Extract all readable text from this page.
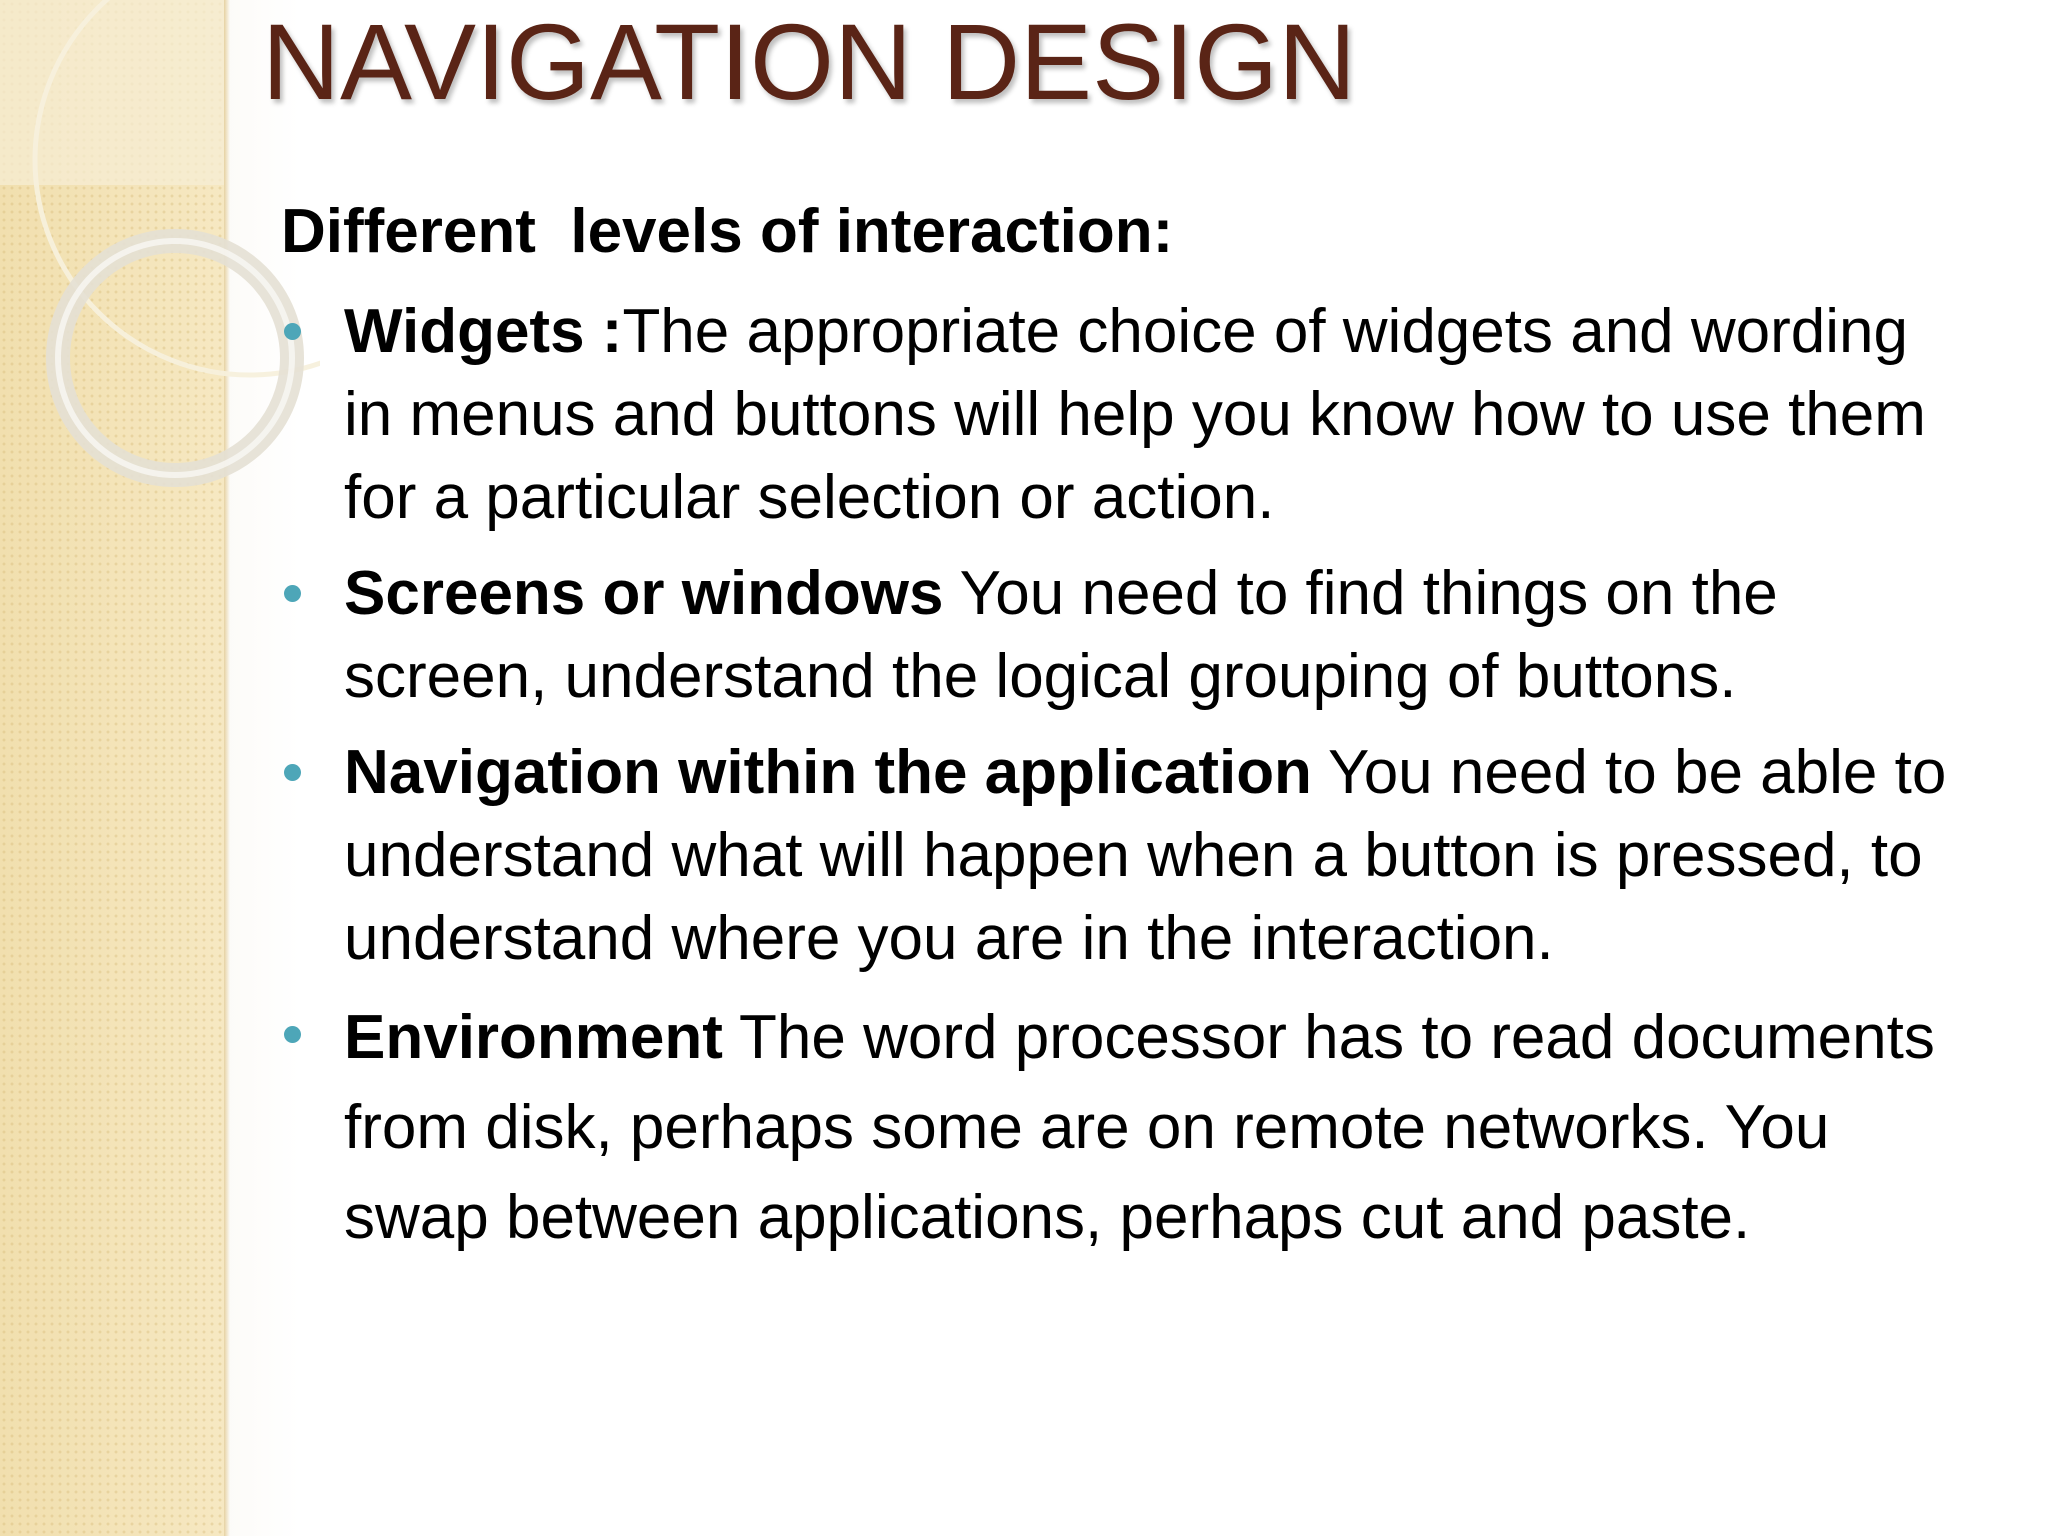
NAVIGATION DESIGN

Different  levels of interaction:

Widgets :The appropriate choice of widgets and wording in menus and buttons will help you know how to use them for a particular selection or action.
Screens or windows You need to find things on the screen, understand the logical grouping of buttons.
Navigation within the application You need to be able to understand what will happen when a button is pressed, to understand where you are in the interaction.
Environment The word processor has to read documents from disk, perhaps some are on remote networks. You swap between applications, perhaps cut and paste.
